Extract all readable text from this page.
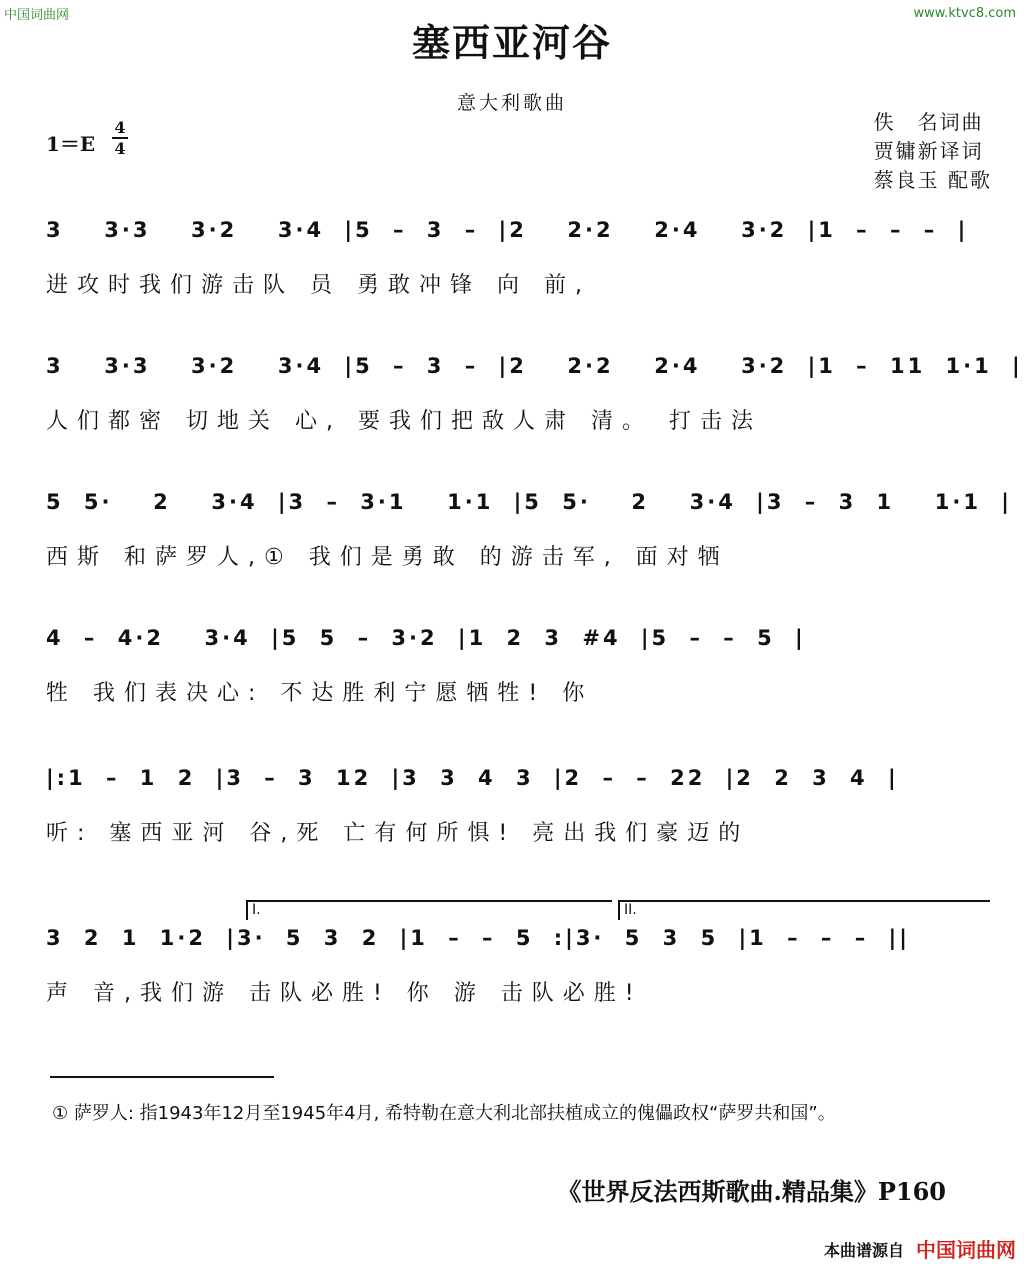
中国词曲网	www.ktvc8.com
塞西亚河谷
意大利歌曲
1＝E
4
4
佚　名词曲
贾镛新译词
蔡良玉 配歌
3  3·3  3·2  3·4 |5 – 3 – |2  2·2  2·4  3·2 |1 – – – |
进攻时我们游击队 员 勇敢冲锋 向 前,
3  3·3  3·2  3·4 |5 – 3 – |2  2·2  2·4  3·2 |1 – 11 1·1 |
人们都密 切地关 心, 要我们把敌人肃 清。 打击法
5 5·  2  3·4 |3 – 3·1  1·1 |5 5·  2  3·4 |3 – 3 1  1·1 |
西斯 和萨罗人,① 我们是勇敢 的游击军, 面对牺
4 – 4·2  3·4 |5 5 – 3·2 |1 2 3 #4 |5 – – 5 |
牲 我们表决心: 不达胜利宁愿牺牲! 你
|:1 – 1 2 |3 – 3 12 |3 3 4 3 |2 – – 22 |2 2 3 4 |
听: 塞西亚河 谷,死 亡有何所惧! 亮出我们豪迈的
I.	II.
3 2 1 1·2 |3· 5 3 2 |1 – – 5 :|3· 5 3 5 |1 – – – ||
声 音,我们游 击队必胜! 你 游 击队必胜!
① 萨罗人: 指1943年12月至1945年4月, 希特勒在意大利北部扶植成立的傀儡政权“萨罗共和国”。
《世界反法西斯歌曲.精品集》P160
本曲谱源自 中国词曲网
